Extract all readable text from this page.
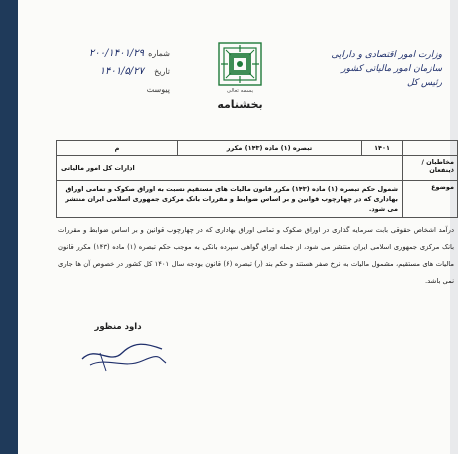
وزارت امور اقتصادی و دارایی
سازمان امور مالیاتی کشور
رئیس کل
بسمه تعالی
بخشنامه
شماره
۲۰۰/۱۴۰۱/۲۹
تاریخ
۱۴۰۱/۵/۲۷
پیوست
۱۴۰۱
تبصره (۱) ماده (۱۴۳) مکرر
م
مخاطبان / ذینفعان
ادارات کل امور مالیاتی
موضوع
شمول حکم تبصره (۱) ماده (۱۴۳) مکرر قانون مالیات های مستقیم نسبت به اوراق صکوک و تمامی اوراق بهاداری که در چهارچوب قوانین و بر اساس ضوابط و مقررات بانک مرکزی جمهوری اسلامی ایران منتشر می شود.
درآمد اشخاص حقوقی بابت سرمایه گذاری در اوراق صکوک و تمامی اوراق بهاداری که در چهارچوب قوانین و بر اساس ضوابط و مقررات بانک مرکزی جمهوری اسلامی ایران منتشر می شود، از جمله اوراق گواهی سپرده بانکی به موجب حکم تبصره (۱) ماده (۱۴۳) مکرر قانون مالیات های مستقیم، مشمول مالیات به نرخ صفر هستند و حکم بند (ر) تبصره (۶) قانون بودجه سال ۱۴۰۱ کل کشور در خصوص آن ها جاری نمی باشد.
داود منظور
